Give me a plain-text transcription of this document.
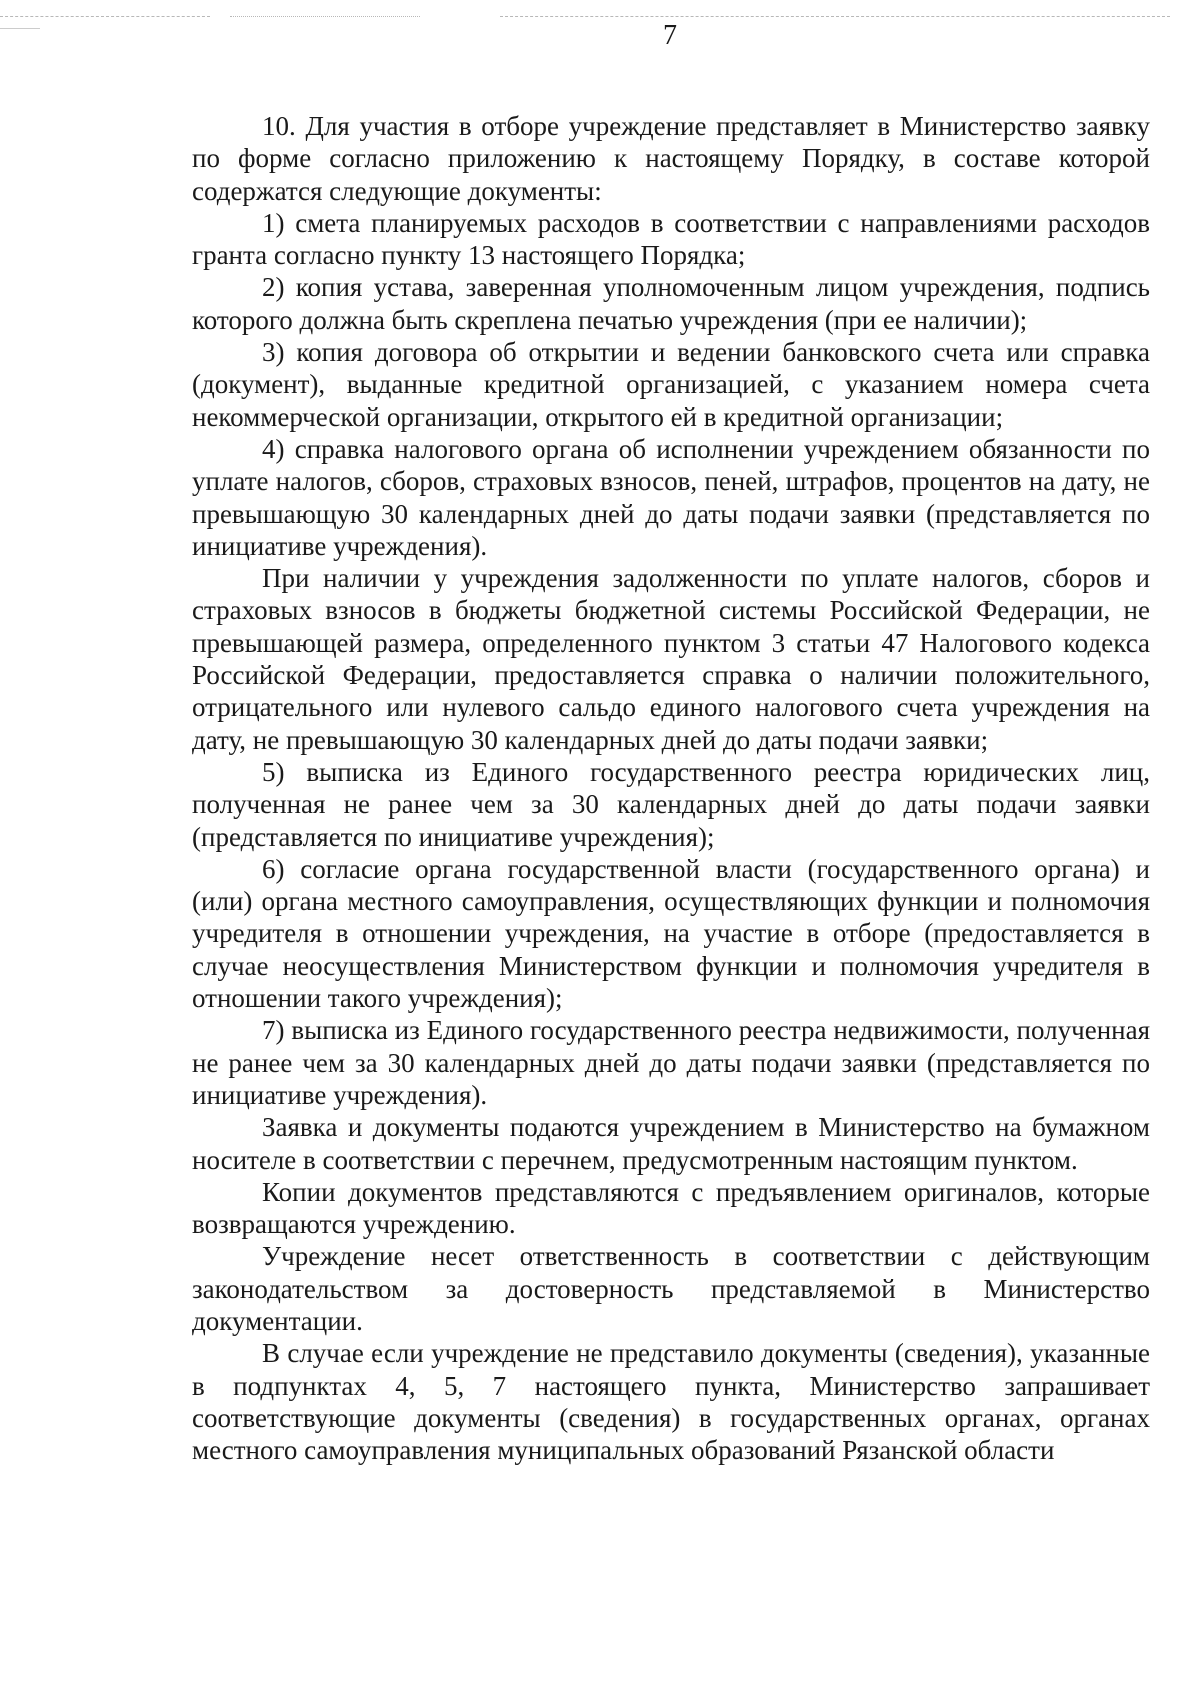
7

10. Для участия в отборе учреждение представляет в Министерство заявку по форме согласно приложению к настоящему Порядку, в составе которой содержатся следующие документы:

1) смета планируемых расходов в соответствии с направлениями расходов гранта согласно пункту 13 настоящего Порядка;

2) копия устава, заверенная уполномоченным лицом учреждения, подпись которого должна быть скреплена печатью учреждения (при ее наличии);

3) копия договора об открытии и ведении банковского счета или справка (документ), выданные кредитной организацией, с указанием номера счета некоммерческой организации, открытого ей в кредитной организации;

4) справка налогового органа об исполнении учреждением обязанности по уплате налогов, сборов, страховых взносов, пеней, штрафов, процентов на дату, не превышающую 30 календарных дней до даты подачи заявки (представляется по инициативе учреждения).

При наличии у учреждения задолженности по уплате налогов, сборов и страховых взносов в бюджеты бюджетной системы Российской Федерации, не превышающей размера, определенного пунктом 3 статьи 47 Налогового кодекса Российской Федерации, предоставляется справка о наличии положительного, отрицательного или нулевого сальдо единого налогового счета учреждения на дату, не превышающую 30 календарных дней до даты подачи заявки;

5) выписка из Единого государственного реестра юридических лиц, полученная не ранее чем за 30 календарных дней до даты подачи заявки (представляется по инициативе учреждения);

6) согласие органа государственной власти (государственного органа) и (или) органа местного самоуправления, осуществляющих функции и полномочия учредителя в отношении учреждения, на участие в отборе (предоставляется в случае неосуществления Министерством функции и полномочия учредителя в отношении такого учреждения);

7) выписка из Единого государственного реестра недвижимости, полученная не ранее чем за 30 календарных дней до даты подачи заявки (представляется по инициативе учреждения).

Заявка и документы подаются учреждением в Министерство на бумажном носителе в соответствии с перечнем, предусмотренным настоящим пунктом.

Копии документов представляются с предъявлением оригиналов, которые возвращаются учреждению.

Учреждение несет ответственность в соответствии с действующим законодательством за достоверность представляемой в Министерство документации.

В случае если учреждение не представило документы (сведения), указанные в подпунктах 4, 5, 7 настоящего пункта, Министерство запрашивает соответствующие документы (сведения) в государственных органах, органах местного самоуправления муниципальных образований Рязанской области
